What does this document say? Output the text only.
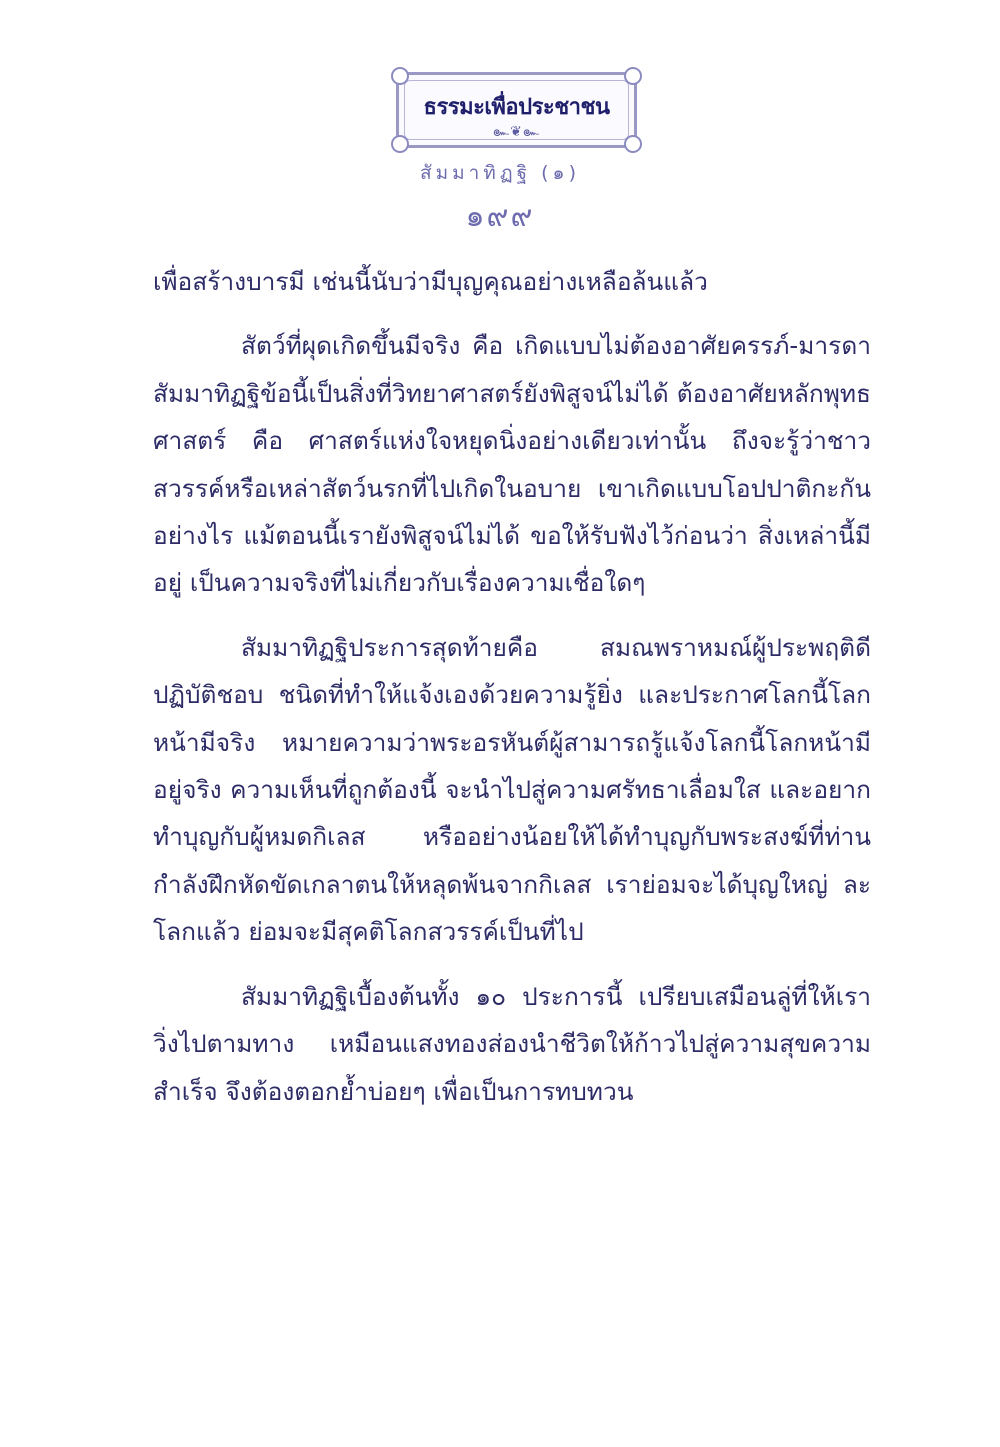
ธรรมะเพื่อประชาชน
๛❦๛
สัมมาทิฏฐิ (๑)
๑๙๙

เพื่อสร้างบารมี เช่นนี้นับว่ามีบุญคุณอย่างเหลือล้นแล้ว

สัตว์ที่ผุดเกิดขึ้นมีจริง คือ เกิดแบบไม่ต้องอาศัยครรภ์-มารดา สัมมาทิฏฐิข้อนี้เป็นสิ่งที่วิทยาศาสตร์ยังพิสูจน์ไม่ได้ ต้องอาศัยหลักพุทธศาสตร์ คือ ศาสตร์แห่งใจหยุดนิ่งอย่างเดียวเท่านั้น ถึงจะรู้ว่าชาวสวรรค์หรือเหล่าสัตว์นรกที่ไปเกิดในอบาย เขาเกิดแบบโอปปาติกะกันอย่างไร แม้ตอนนี้เรายังพิสูจน์ไม่ได้ ขอให้รับฟังไว้ก่อนว่า สิ่งเหล่านี้มีอยู่ เป็นความจริงที่ไม่เกี่ยวกับเรื่องความเชื่อใดๆ

สัมมาทิฏฐิประการสุดท้ายคือ สมณพราหมณ์ผู้ประพฤติดีปฏิบัติชอบ ชนิดที่ทำให้แจ้งเองด้วยความรู้ยิ่ง และประกาศโลกนี้โลกหน้ามีจริง หมายความว่าพระอรหันต์ผู้สามารถรู้แจ้งโลกนี้โลกหน้ามีอยู่จริง ความเห็นที่ถูกต้องนี้ จะนำไปสู่ความศรัทธาเลื่อมใส และอยากทำบุญกับผู้หมดกิเลส หรืออย่างน้อยให้ได้ทำบุญกับพระสงฆ์ที่ท่านกำลังฝึกหัดขัดเกลาตนให้หลุดพ้นจากกิเลส เราย่อมจะได้บุญใหญ่ ละโลกแล้ว ย่อมจะมีสุคติโลกสวรรค์เป็นที่ไป

สัมมาทิฏฐิเบื้องต้นทั้ง ๑๐ ประการนี้ เปรียบเสมือนลู่ที่ให้เราวิ่งไปตามทาง เหมือนแสงทองส่องนำชีวิตให้ก้าวไปสู่ความสุขความสำเร็จ จึงต้องตอกย้ำบ่อยๆ เพื่อเป็นการทบทวน
